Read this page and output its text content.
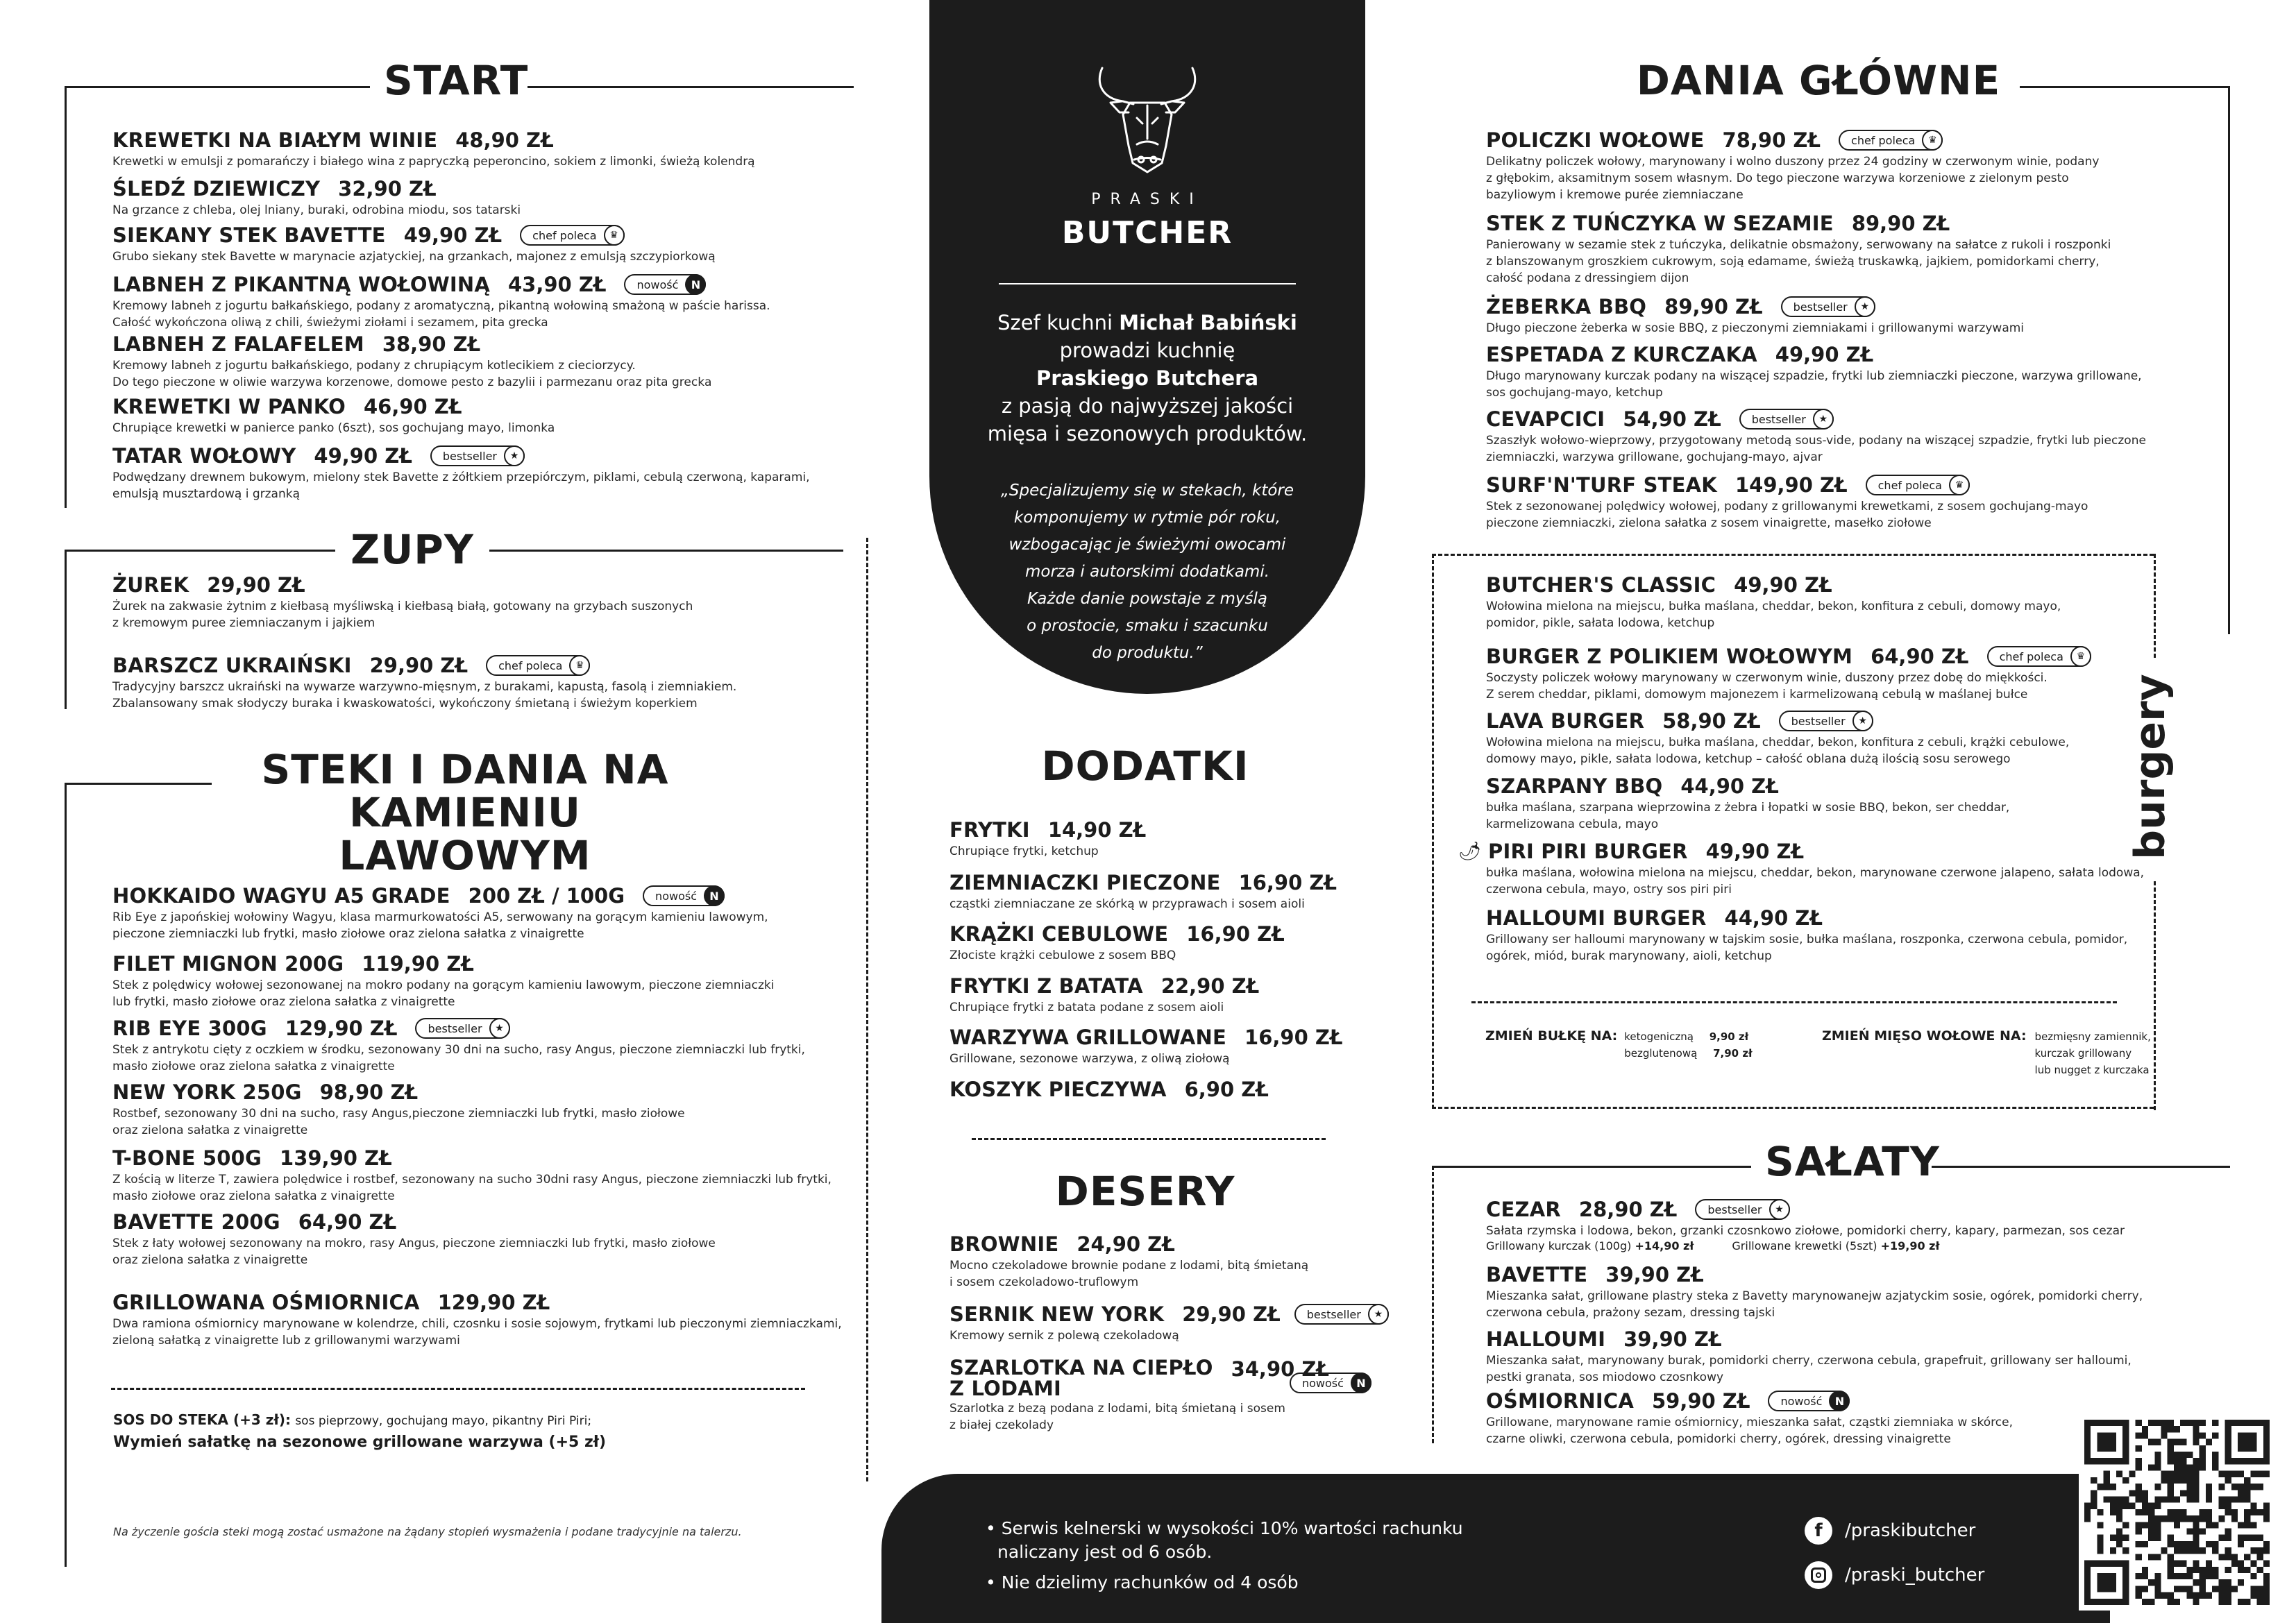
START
KREWETKI NA BIAŁYM WINIE 48,90 ZŁ
Krewetki w emulsji z pomarańczy i białego wina z papryczką peperoncino, sokiem z limonki, świeżą kolendrą
ŚLEDŹ DZIEWICZY 32,90 ZŁ
Na grzance z chleba, olej lniany, buraki, odrobina miodu, sos tatarski
SIEKANY STEK BAVETTE 49,90 ZŁ	chef poleca	♛
Grubo siekany stek Bavette w marynacie azjatyckiej, na grzankach, majonez z emulsją szczypiorkową
LABNEH Z PIKANTNĄ WOŁOWINĄ 43,90 ZŁ	nowość	N
Kremowy labneh z jogurtu bałkańskiego, podany z aromatyczną, pikantną wołowiną smażoną w paście harissa.
Całość wykończona oliwą z chili, świeżymi ziołami i sezamem, pita grecka
LABNEH Z FALAFELEM 38,90 ZŁ
Kremowy labneh z jogurtu bałkańskiego, podany z chrupiącym kotlecikiem z cieciorzycy.
Do tego pieczone w oliwie warzywa korzenowe, domowe pesto z bazylii i parmezanu oraz pita greckа
KREWETKI W PANKO 46,90 ZŁ
Chrupiące krewetki w panierce panko (6szt), sos gochujang mayo, limonka
TATAR WOŁOWY 49,90 ZŁ	bestseller	★
Podwędzany drewnem bukowym, mielony stek Bavette z żółtkiem przepiórczym, piklami, cebulą czerwoną, kaparami,
emulsją musztardową i grzanką
ZUPY
ŻUREK 29,90 ZŁ
Żurek na zakwasie żytnim z kiełbasą myśliwską i kiełbasą białą, gotowany na grzybach suszonych
z kremowym puree ziemniaczanym i jajkiem
BARSZCZ UKRAIŃSKI 29,90 ZŁ	chef poleca	♛
Tradycyjny barszcz ukraiński na wywarze warzywno-mięsnym, z burakami, kapustą, fasolą i ziemniakiem.
Zbalansowany smak słodyczy buraka i kwaskowatości, wykończony śmietaną i świeżym koperkiem
STEKI I DANIA NA
KAMIENIU LAWOWYM
HOKKAIDO WAGYU A5 GRADE 200 ZŁ / 100G	nowość	N
Rib Eye z japońskiej wołowiny Wagyu, klasa marmurkowatości A5, serwowany na gorącym kamieniu lawowym,
pieczone ziemniaczki lub frytki, masło ziołowe oraz zielona sałatka z vinaigrette
FILET MIGNON 200G 119,90 ZŁ
Stek z polędwicy wołowej sezonowanej na mokro podany na gorącym kamieniu lawowym, pieczone ziemniaczki
lub frytki, masło ziołowe oraz zielona sałatka z vinaigrette
RIB EYE 300G 129,90 ZŁ	bestseller	★
Stek z antrykotu cięty z oczkiem w środku, sezonowany 30 dni na sucho, rasy Angus, pieczone ziemniaczki lub frytki,
masło ziołowe oraz zielona sałatka z vinaigrette
NEW YORK 250G 98,90 ZŁ
Rostbef, sezonowany 30 dni na sucho, rasy Angus,pieczone ziemniaczki lub frytki, masło ziołowe
oraz zielona sałatka z vinaigrette
T-BONE 500G 139,90 ZŁ
Z kością w literze T, zawiera polędwice i rostbef, sezonowany na sucho 30dni rasy Angus, pieczone ziemniaczki lub frytki,
masło ziołowe oraz zielona sałatka z vinaigrette
BAVETTE 200G 64,90 ZŁ
Stek z łaty wołowej sezonowany na mokro, rasy Angus, pieczone ziemniaczki lub frytki, masło ziołowe
oraz zielona sałatka z vinaigrette
GRILLOWANA OŚMIORNICA 129,90 ZŁ
Dwa ramiona ośmiornicy marynowane w kolendrze, chili, czosnku i sosie sojowym, frytkami lub pieczonymi ziemniaczkami,
zieloną sałatką z vinaigrette lub z grillowanymi warzywami
SOS DO STEKA (+3 zł): sos pieprzowy, gochujang mayo, pikantny Piri Piri;
Wymień sałatkę na sezonowe grillowane warzywa (+5 zł)
Na życzenie gościa steki mogą zostać usmażone na żądany stopień wysmażenia i podane tradycyjnie na talerzu.
PRASKI
BUTCHER
Szef kuchni Michał Babiński
prowadzi kuchnię
Praskiego Butchera
z pasją do najwyższej jakości
mięsa i sezonowych produktów.
„Specjalizujemy się w stekach, które
komponujemy w rytmie pór roku,
wzbogacając je świeżymi owocami
morza i autorskimi dodatkami.
Każde danie powstaje z myślą
o prostocie, smaku i szacunku
do produktu.”
DODATKI
FRYTKI 14,90 ZŁ
Chrupiące frytki, ketchup
ZIEMNIACZKI PIECZONE 16,90 ZŁ
cząstki ziemniaczane ze skórką w przyprawach i sosem aioli
KRĄŻKI CEBULOWE 16,90 ZŁ
Złociste krążki cebulowe z sosem BBQ
FRYTKI Z BATATA 22,90 ZŁ
Chrupiące frytki z batata podane z sosem aioli
WARZYWA GRILLOWANE 16,90 ZŁ
Grillowane, sezonowe warzywa, z oliwą ziołową
KOSZYK PIECZYWA 6,90 ZŁ
DESERY
BROWNIE 24,90 ZŁ
Mocno czekoladowe brownie podane z lodami, bitą śmietaną
i sosem czekoladowo-truflowym
SERNIK NEW YORK 29,90 ZŁ bestseller	★
Kremowy sernik z polewą czekoladową
SZARLOTKA NA CIEPŁO
Z LODAMI
34,90 ZŁ
nowość	N
Szarlotka z bezą podana z lodami, bitą śmietaną i sosem
z białej czekolady
DANIA GŁÓWNE
POLICZKI WOŁOWE 78,90 ZŁ	chef poleca	♛
Delikatny policzek wołowy, marynowany i wolno duszony przez 24 godziny w czerwonym winie, podany
z głębokim, aksamitnym sosem własnym. Do tego pieczone warzywa korzeniowe z zielonym pesto
bazyliowym i kremowe purée ziemniaczane
STEK Z TUŃCZYKA W SEZAMIE 89,90 ZŁ
Panierowany w sezamie stek z tuńczyka, delikatnie obsmażony, serwowany na sałatce z rukoli i roszponki
z blanszowanym groszkiem cukrowym, soją edamame, świeżą truskawką, jajkiem, pomidorkami cherry,
całość podana z dressingiem dijon
ŻEBERKA BBQ 89,90 ZŁ	bestseller	★
Długo pieczone żeberka w sosie BBQ, z pieczonymi ziemniakami i grillowanymi warzywami
ESPETADA Z KURCZAKA 49,90 ZŁ
Długo marynowany kurczak podany na wiszącej szpadzie, frytki lub ziemniaczki pieczone, warzywa grillowane,
sos gochujang-mayo, ketchup
CEVAPCICI 54,90 ZŁ	bestseller	★
Szaszłyk wołowo-wieprzowy, przygotowany metodą sous-vide, podany na wiszącej szpadzie, frytki lub pieczone
ziemniaczki, warzywa grillowane, gochujang-mayo, ajvar
SURF'N'TURF STEAK 149,90 ZŁ	chef poleca	♛
Stek z sezonowanej polędwicy wołowej, podany z grillowanymi krewetkami, z sosem gochujang-mayo
pieczone ziemniaczki, zielona sałatka z sosem vinaigrette, masełko ziołowe
burgery
BUTCHER'S CLASSIC 49,90 ZŁ
Wołowina mielona na miejscu, bułka maślana, cheddar, bekon, konfitura z cebuli, domowy mayo,
pomidor, pikle, sałata lodowa, ketchup
BURGER Z POLIKIEM WOŁOWYM 64,90 ZŁ	chef poleca	♛
Soczysty policzek wołowy marynowany w czerwonym winie, duszony przez dobę do miękkości.
Z serem cheddar, piklami, domowym majonezem i karmelizowaną cebulą w maślanej bułce
LAVA BURGER 58,90 ZŁ	bestseller	★
Wołowina mielona na miejscu, bułka maślana, cheddar, bekon, konfitura z cebuli, krążki cebulowe,
domowy mayo, pikle, sałata lodowa, ketchup – całość oblana dużą ilością sosu serowego
SZARPANY BBQ 44,90 ZŁ
bułka maślana, szarpana wieprzowina z żebra i łopatki w sosie BBQ, bekon, ser cheddar,
karmelizowana cebula, mayo
🌶 PIRI PIRI BURGER 49,90 ZŁ
bułka maślana, wołowina mielona na miejscu, cheddar, bekon, marynowane czerwone jalapeno, sałata lodowa,
czerwona cebula, mayo, ostry sos piri piri
HALLOUMI BURGER 44,90 ZŁ
Grillowany ser halloumi marynowany w tajskim sosie, bułka maślana, roszponka, czerwona cebula, pomidor,
ogórek, miód, burak marynowany, aioli, ketchup
ZMIEŃ BUŁKĘ NA: ketogeniczną 9,90 zł
bezglutenową 7,90 zł
ZMIEŃ MIĘSO WOŁOWE NA: bezmięsny zamiennik,
kurczak grillowany
lub nugget z kurczaka
SAŁATY
CEZAR 28,90 ZŁ	bestseller	★
Sałata rzymska i lodowa, bekon, grzanki czosnkowo ziołowe, pomidorki cherry, kapary, parmezan, sos cezar
BAVETTE 39,90 ZŁ
Mieszanka sałat, grillowane plastry steka z Bavetty marynowanejw azjatyckim sosie, ogórek, pomidorki cherry,
czerwona cebula, prażony sezam, dressing tajski
HALLOUMI 39,90 ZŁ
Mieszanka sałat, marynowany burak, pomidorki cherry, czerwona cebula, grapefruit, grillowany ser halloumi,
pestki granata, sos miodowo czosnkowy
OŚMIORNICA 59,90 ZŁ	nowość	N
Grillowane, marynowane ramie ośmiornicy, mieszanka sałat, cząstki ziemniaka w skórce,
czarne oliwki, czerwona cebula, pomidorki cherry, ogórek, dressing vinaigrette
Grillowany kurczak (100g) +14,90 zł	Grillowane krewetki (5szt) +19,90 zł
• Serwis kelnerski w wysokości 10% wartości rachunku
naliczany jest od 6 osób.
• Nie dzielimy rachunków od 4 osób
f	/praskibutcher
/praski_butcher
